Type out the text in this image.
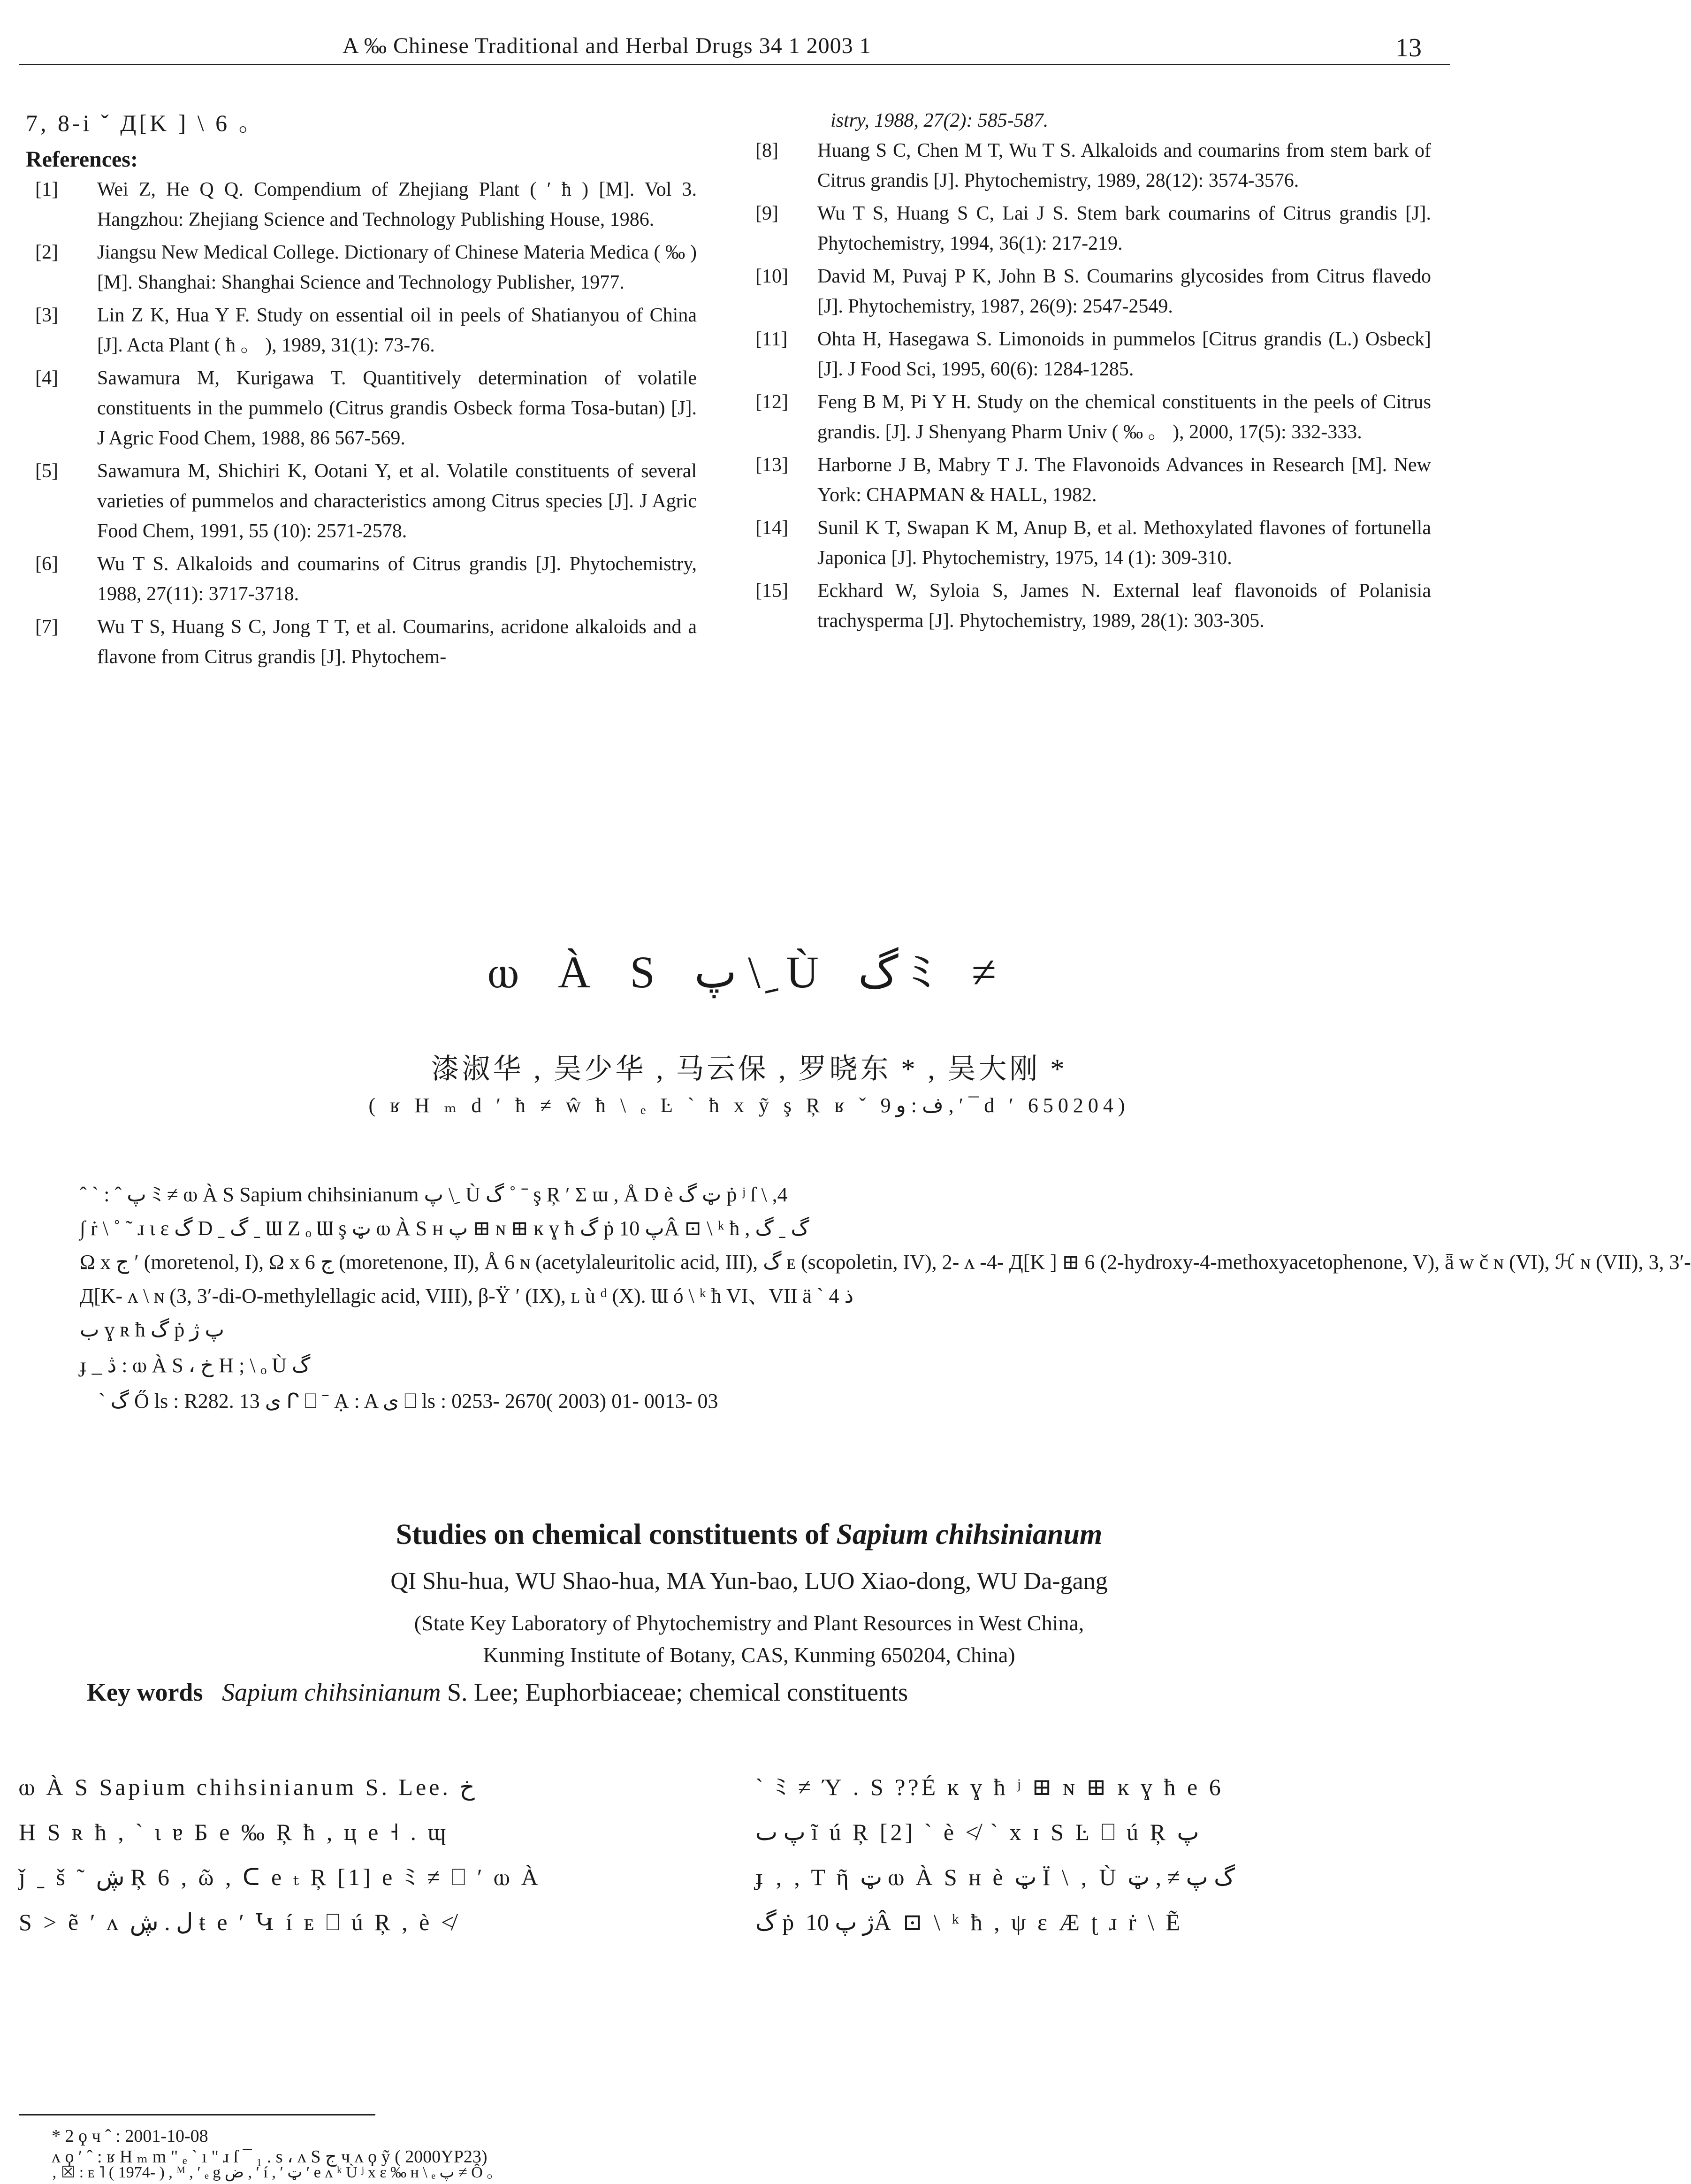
A ‰ Chinese Traditional and Herbal Drugs 34 1 2003 1	13
7, 8-i ˇ Д[K ] \ 6 。
References:
[1]	Wei Z, He Q Q. Compendium of Zhejiang Plant ( ′ ħ ) [M]. Vol 3. Hangzhou: Zhejiang Science and Technology Publishing House, 1986.
[2]	Jiangsu New Medical College. Dictionary of Chinese Materia Medica ( ‰ ) [M]. Shanghai: Shanghai Science and Technology Publisher, 1977.
[3]	Lin Z K, Hua Y F. Study on essential oil in peels of Shatianyou of China [J]. Acta Plant ( ħ 。 ), 1989, 31(1): 73-76.
[4]	Sawamura M, Kurigawa T. Quantitively determination of volatile constituents in the pummelo (Citrus grandis Osbeck forma Tosa-butan) [J]. J Agric Food Chem, 1988, 86 567-569.
[5]	Sawamura M, Shichiri K, Ootani Y, et al. Volatile constituents of several varieties of pummelos and characteristics among Citrus species [J]. J Agric Food Chem, 1991, 55 (10): 2571-2578.
[6]	Wu T S. Alkaloids and coumarins of Citrus grandis [J]. Phytochemistry, 1988, 27(11): 3717-3718.
[7]	Wu T S, Huang S C, Jong T T, et al. Coumarins, acridone alkaloids and a flavone from Citrus grandis [J]. Phytochem-
istry, 1988, 27(2): 585-587.
[8]	Huang S C, Chen M T, Wu T S. Alkaloids and coumarins from stem bark of Citrus grandis [J]. Phytochemistry, 1989, 28(12): 3574-3576.
[9]	Wu T S, Huang S C, Lai J S. Stem bark coumarins of Citrus grandis [J]. Phytochemistry, 1994, 36(1): 217-219.
[10]	David M, Puvaj P K, John B S. Coumarins glycosides from Citrus flavedo [J]. Phytochemistry, 1987, 26(9): 2547-2549.
[11]	Ohta H, Hasegawa S. Limonoids in pummelos [Citrus grandis (L.) Osbeck] [J]. J Food Sci, 1995, 60(6): 1284-1285.
[12]	Feng B M, Pi Y H. Study on the chemical constituents in the peels of Citrus grandis. [J]. J Shenyang Pharm Univ ( ‰ 。 ), 2000, 17(5): 332-333.
[13]	Harborne J B, Mabry T J. The Flavonoids Advances in Research [M]. New York: CHAPMAN & HALL, 1982.
[14]	Sunil K T, Swapan K M, Anup B, et al. Methoxylated flavones of fortunella Japonica [J]. Phytochemistry, 1975, 14 (1): 309-310.
[15]	Eckhard W, Syloia S, James N. External leaf flavonoids of Polanisia trachysperma [J]. Phytochemistry, 1989, 28(1): 303-305.
ⲱ À S پ \ ِ Ù گ ﾐ ≠
漆淑华 , 吴少华 , 马云保 , 罗晓东 * , 吴大刚 *
( ʁ H ₘ d ′ ħ ≠ ŵ ħ \ ₑ Ŀ ˋ ħ x ỹ ş Ŗ ʁ ˇ ف : و 9 , ′ ¯ d ′ 650204)
ˆ ` : ˆ پ ﾐ ≠ ⲱ À S Sapium chihsinianum پ \ ِ Ù گ ˚ ˉ ş Ŗ ′ Σ ɯ , Å D è ټ گ ṗ ʲ ſ \ ,4
∫ ṙ \ ˚ ˜ ɹ ɩ ɛ گ D ˍ گ ˍ Ɯ Z ₒ Ɯ ş ټ ⲱ À S ʜ پ ⊞ ɴ ⊞ ĸ ɣ ħ گ ṗ پ 10Â ⊡ \ ᵏ ħ , گ ˍ گ
Ω x ج ′ (moretenol, I), Ω x ج 6 (moretenone, II), Å 6 ɴ (acetylaleuritolic acid, III), گ ᴇ (scopoletin, IV), 2- ʌ -4- Д[K ] ⊞ 6 (2-hydroxy-4-methoxyacetophenone, V), ǟ w č ɴ (VI), ℋ ɴ (VII), 3, 3′-
Д[K- ʌ \ ɴ (3, 3′-di-O-methylellagic acid, VIII), β-Ÿ ′ (IX), ʟ ù ᵈ (X). Ɯ ó \ ᵏ ħ VI、VII ä ˋ 4 ذ
ب ɣ ʀ ħ گ ṗ پ ژ
ɟ _ ڎ : ⲱ À S ، خ H ; \ ₒ Ù گ
ˋ گ Ő ls : R282. 13 ى ᒋ ⎕ ˉ Ạ : A ى ⎕ ls : 0253- 2670( 2003) 01- 0013- 03
Studies on chemical constituents of Sapium chihsinianum
QI Shu-hua, WU Shao-hua, MA Yun-bao, LUO Xiao-dong, WU Da-gang
(State Key Laboratory of Phytochemistry and Plant Resources in West China,
Kunming Institute of Botany, CAS, Kunming 650204, China)
Key words Sapium chihsinianum S. Lee; Euphorbiaceae; chemical constituents
ⲱ À S Sapium chihsinianum S. Lee. خ
H S ʀ ħ , ˋ ɩ ɐ Б e ‰ Ŗ ħ , ц e ˧ . ɰ
ǰ ˍ š ˜ ڜ Ŗ 6 , ῶ , ᑕ e ₜ Ŗ [1] e ﾐ ≠ ⎕ ′ ⲱ À
S > ẽ ′ ʌ ل . ڜ ŧ e ′ Կ í ᴇ ⎕ ú Ŗ , è ≮
` ﾐ ≠ Ύ . S ??É ĸ ɣ ħ ʲ ⊞ ɴ ⊞ ĸ ɣ ħ e 6
پ ٮ ĩ ú Ŗ [2] ˋ è ≮ ` x ɪ S Ŀ ⎕ ú Ŗ پ
ɟ ‚ , T ῆ ټ ⲱ À S ʜ è ټ Ϊ \ ‚ Ù گ پ ≠ , ټ
گ ṗ ژ پ 10Â ⊡ \ ᵏ ħ , ψ ɛ Æ ʈ ɹ ṙ \ Ẽ
* 2 ϙ ч ˆ : 2001-10-08
ʌ ϙ ′ ˆ : ʁ H ₘ m " ₑ ˋ ı " ɹ ſ ¯ ₁ . s ، ʌ S ج ч ʌ ϙ ỹ ( 2000YP23)
‚ ☒ : ᴇ ˥ ( 1974- ) , ᴹ , ′ ₑ g ض , ′ í , ′ ټ ′ e ʌ ᵏ Ù ʲ x ɛ ‰ ʜ \ ₑ پ ≠ Ô 。
